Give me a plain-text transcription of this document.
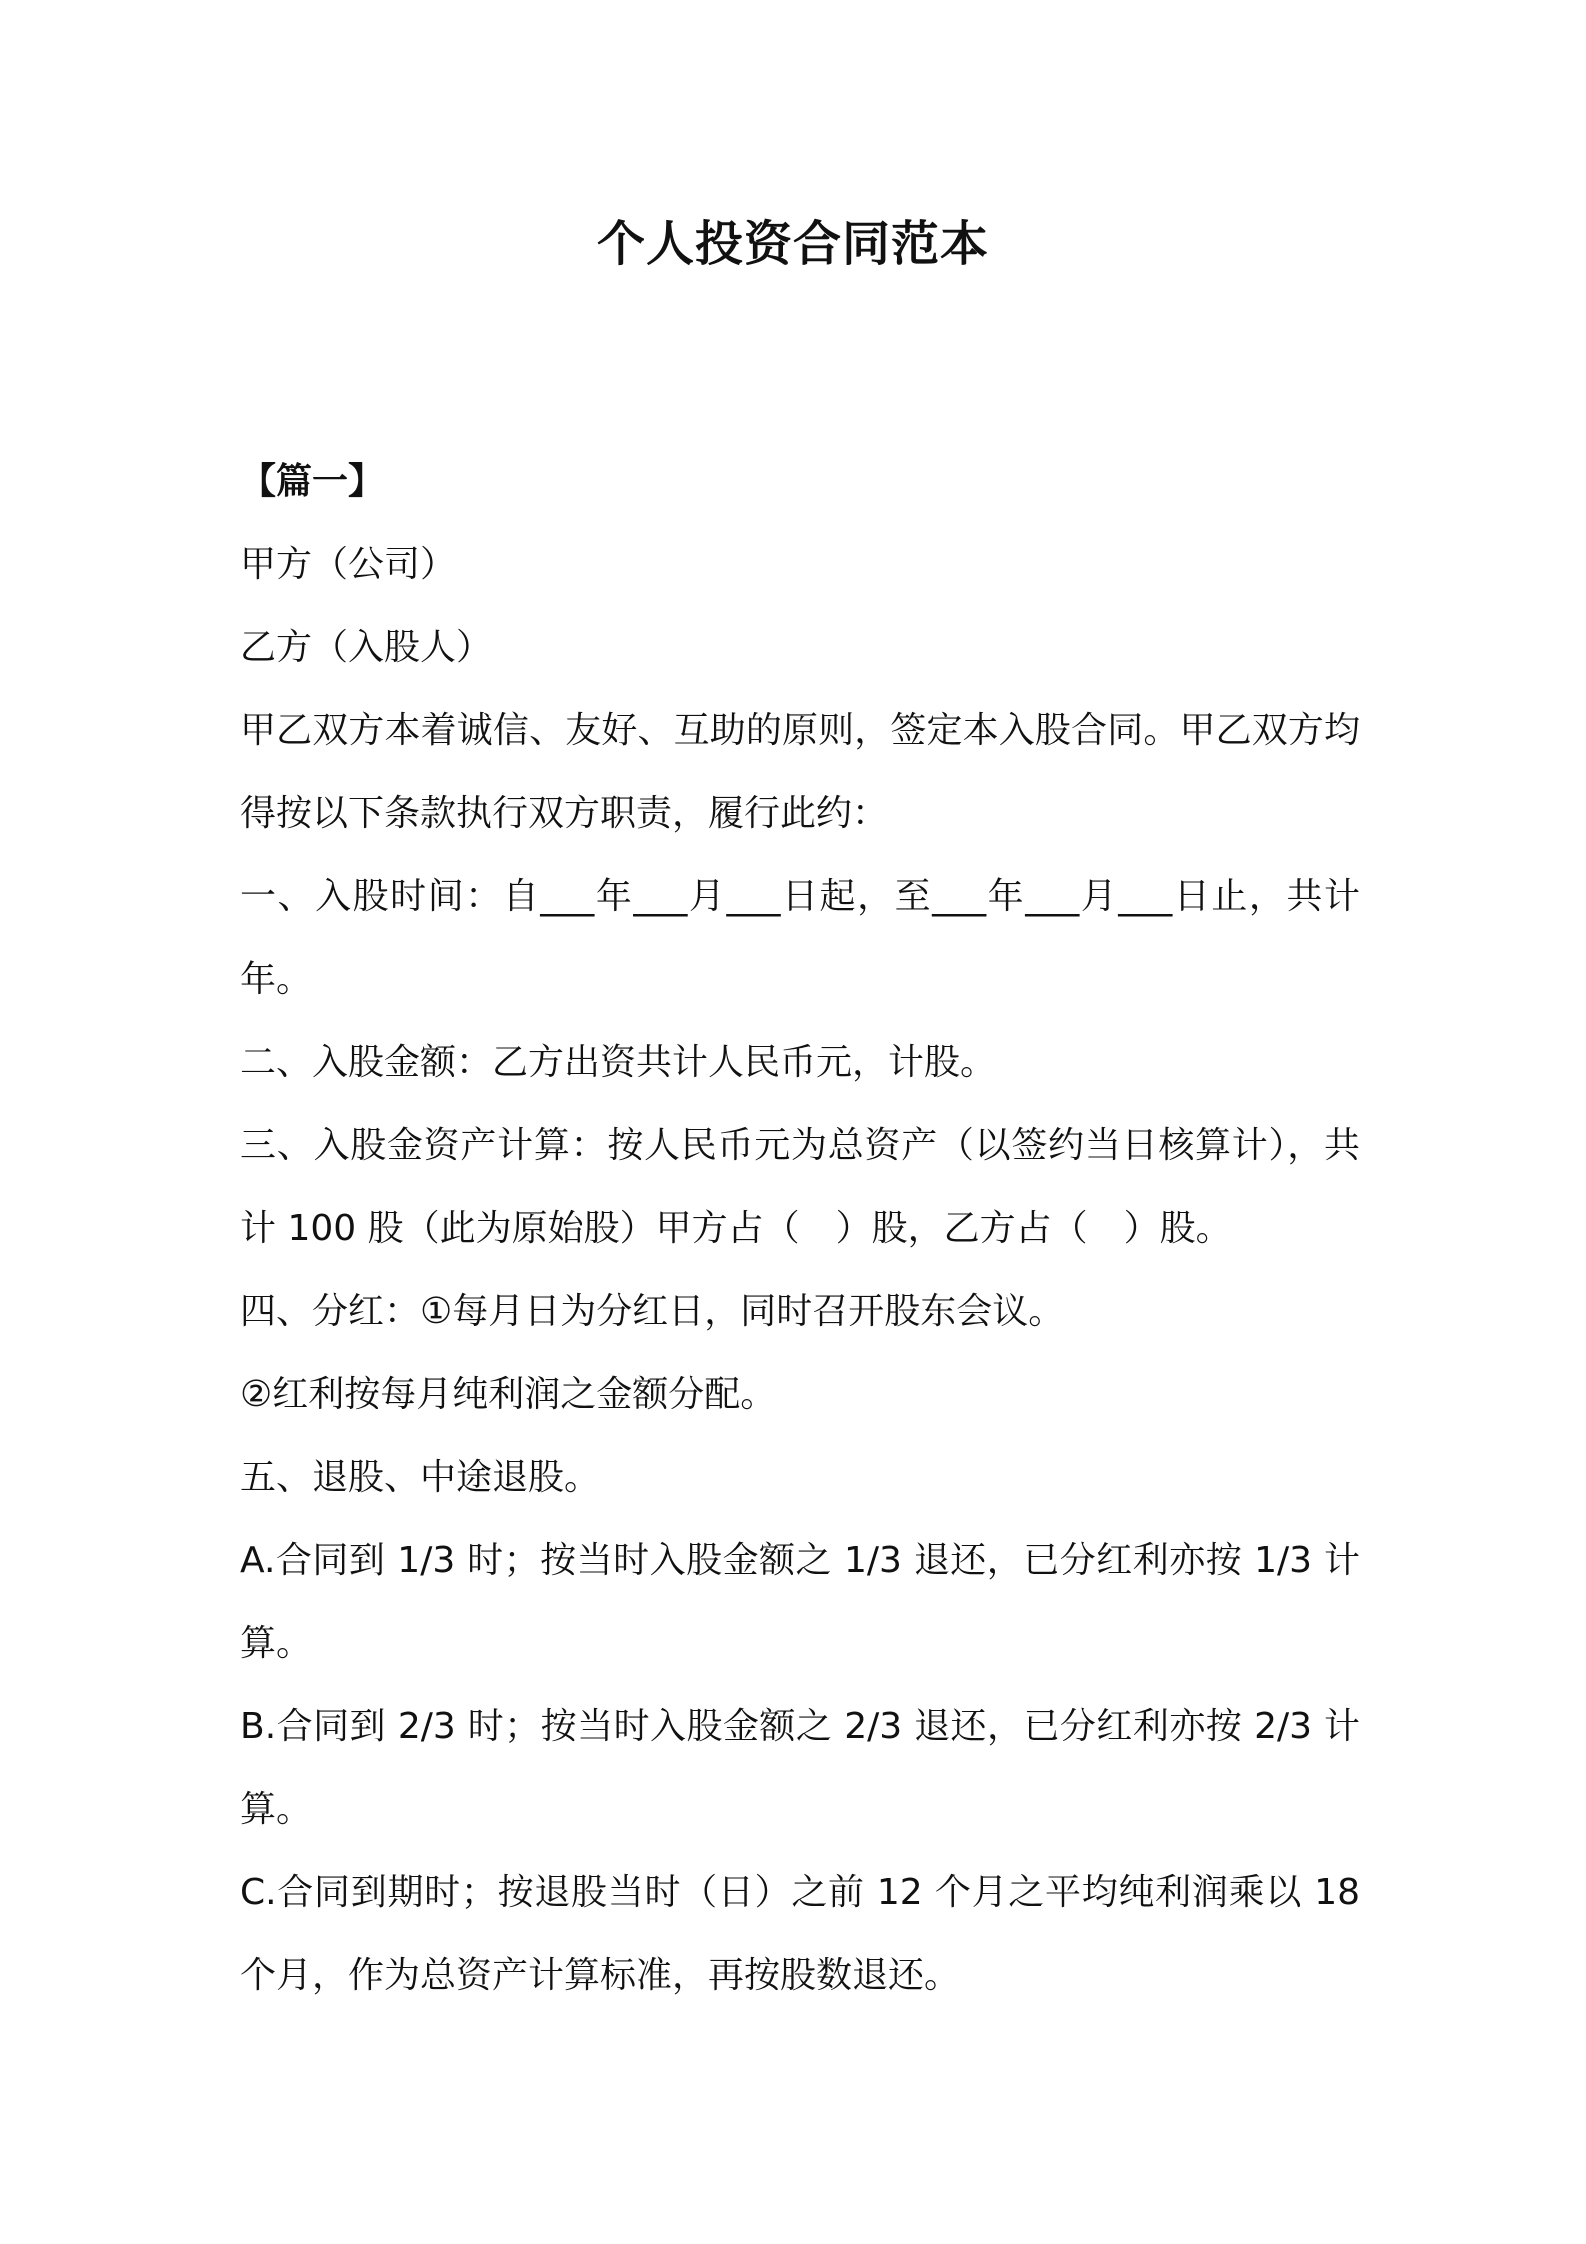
个人投资合同范本

【篇一】

甲方（公司）

乙方（入股人）

甲乙双方本着诚信、友好、互助的原则，签定本入股合同。甲乙双方均得按以下条款执行双方职责，履行此约：

一、入股时间：自___年___月___日起，至___年___月___日止，共计年。

二、入股金额：乙方出资共计人民币元，计股。

三、入股金资产计算：按人民币元为总资产（以签约当日核算计），共计 100 股（此为原始股）甲方占（　）股，乙方占（　）股。

四、分红：①每月日为分红日，同时召开股东会议。

②红利按每月纯利润之金额分配。

五、退股、中途退股。

A.合同到 1/3 时；按当时入股金额之 1/3 退还，已分红利亦按 1/3 计算。

B.合同到 2/3 时；按当时入股金额之 2/3 退还，已分红利亦按 2/3 计算。

C.合同到期时；按退股当时（日）之前 12 个月之平均纯利润乘以 18 个月，作为总资产计算标准，再按股数退还。
